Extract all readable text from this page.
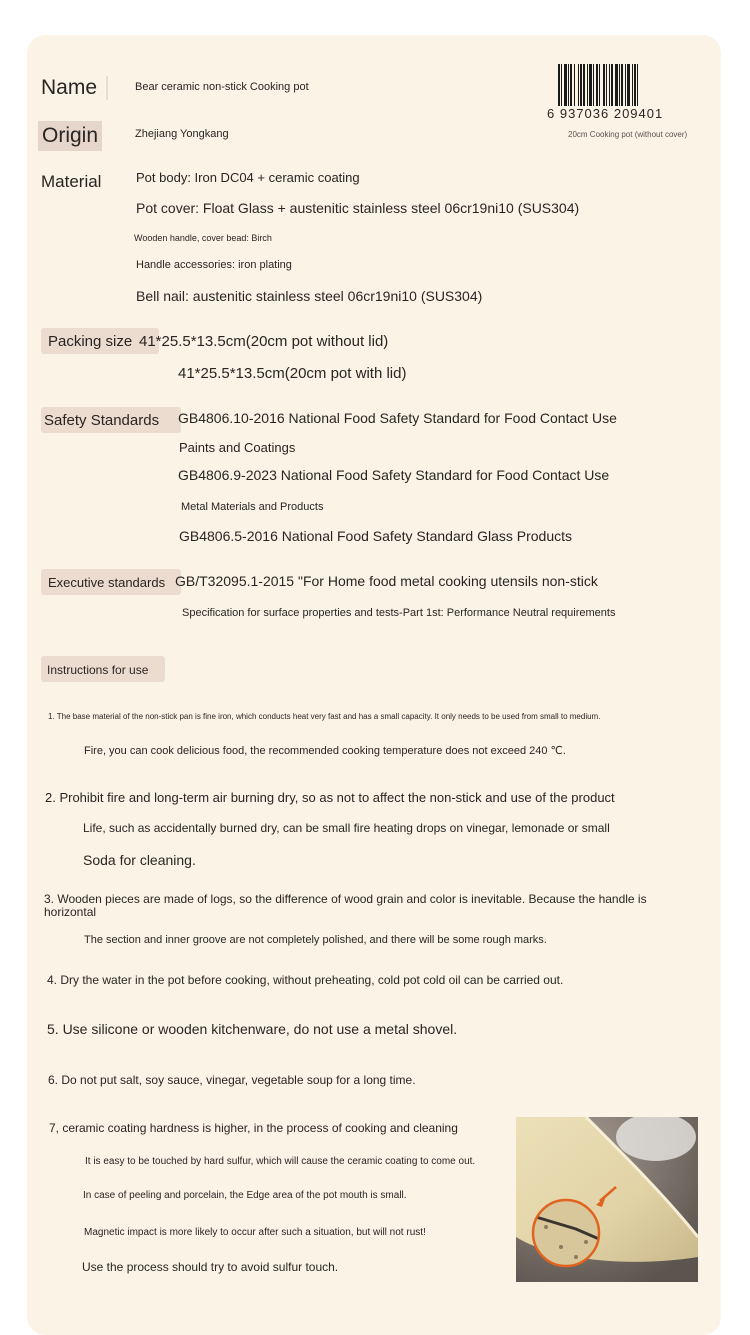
Name	Bear ceramic non-stick Cooking pot
Origin	Zhejiang Yongkang
6 937036 209401
20cm Cooking pot (without cover)
Material	Pot body: Iron DC04 + ceramic coating
Pot cover: Float Glass + austenitic stainless steel 06cr19ni10 (SUS304)
Wooden handle, cover bead: Birch
Handle accessories: iron plating
Bell nail: austenitic stainless steel 06cr19ni10 (SUS304)
Packing size 41*25.5*13.5cm(20cm pot without lid)
41*25.5*13.5cm(20cm pot with lid)
Safety Standards GB4806.10-2016 National Food Safety Standard for Food Contact Use
Paints and Coatings
GB4806.9-2023 National Food Safety Standard for Food Contact Use
Metal Materials and Products
GB4806.5-2016 National Food Safety Standard Glass Products
Executive standards GB/T32095.1-2015 "For Home food metal cooking utensils non-stick
Specification for surface properties and tests-Part 1st: Performance Neutral requirements
Instructions for use
1. The base material of the non-stick pan is fine iron, which conducts heat very fast and has a small capacity. It only needs to be used from small to medium.
Fire, you can cook delicious food, the recommended cooking temperature does not exceed 240 ℃.
2. Prohibit fire and long-term air burning dry, so as not to affect the non-stick and use of the product
Life, such as accidentally burned dry, can be small fire heating drops on vinegar, lemonade or small
Soda for cleaning.
3. Wooden pieces are made of logs, so the difference of wood grain and color is inevitable. Because the handle is horizontal
The section and inner groove are not completely polished, and there will be some rough marks.
4. Dry the water in the pot before cooking, without preheating, cold pot cold oil can be carried out.
5. Use silicone or wooden kitchenware, do not use a metal shovel.
6. Do not put salt, soy sauce, vinegar, vegetable soup for a long time.
7, ceramic coating hardness is higher, in the process of cooking and cleaning
It is easy to be touched by hard sulfur, which will cause the ceramic coating to come out.
In case of peeling and porcelain, the Edge area of the pot mouth is small.
Magnetic impact is more likely to occur after such a situation, but will not rust!
Use the process should try to avoid sulfur touch.
